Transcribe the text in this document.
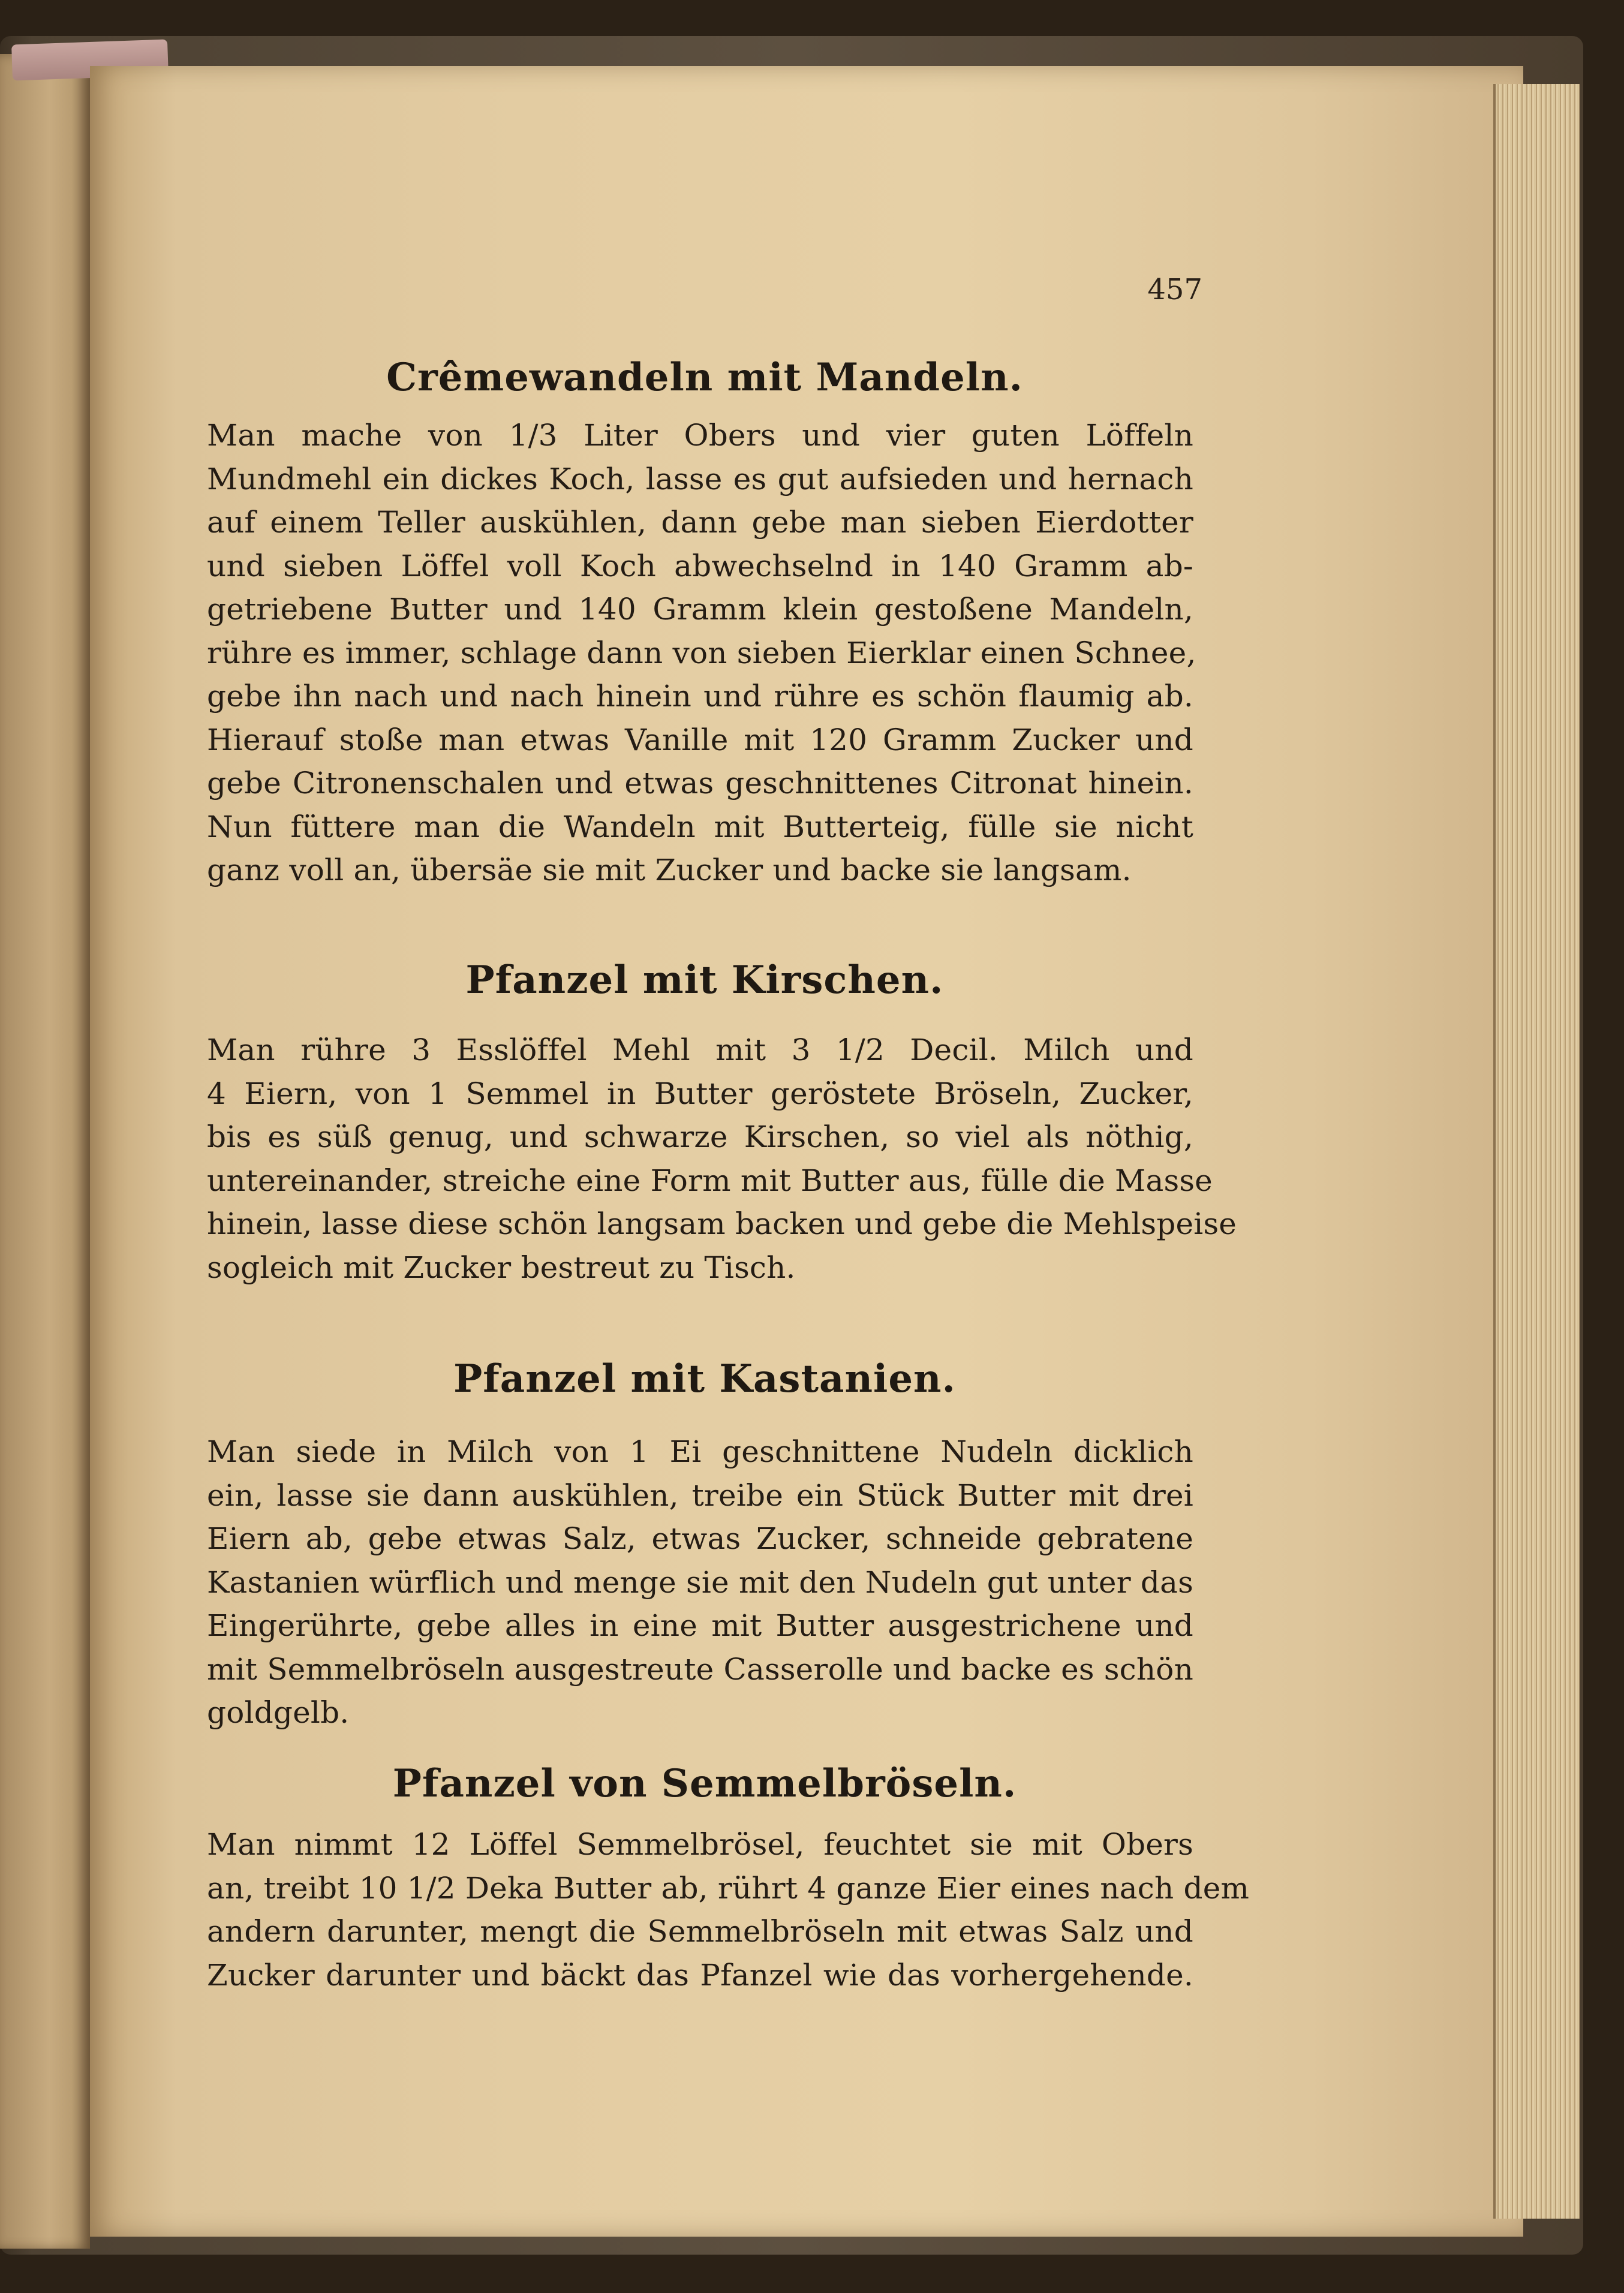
457
Crêmewandeln mit Mandeln.
Man mache von 1/3 Liter Obers und vier guten Löffeln
Mundmehl ein dickes Koch, lasse es gut aufsieden und hernach
auf einem Teller auskühlen, dann gebe man sieben Eierdotter
und sieben Löffel voll Koch abwechselnd in 140 Gramm ab-
getriebene Butter und 140 Gramm klein gestoßene Mandeln,
rühre es immer, schlage dann von sieben Eierklar einen Schnee,
gebe ihn nach und nach hinein und rühre es schön flaumig ab.
Hierauf stoße man etwas Vanille mit 120 Gramm Zucker und
gebe Citronenschalen und etwas geschnittenes Citronat hinein.
Nun füttere man die Wandeln mit Butterteig, fülle sie nicht
ganz voll an, übersäe sie mit Zucker und backe sie langsam.
Pfanzel mit Kirschen.
Man rühre 3 Esslöffel Mehl mit 3 1/2 Decil. Milch und
4 Eiern, von 1 Semmel in Butter geröstete Bröseln, Zucker,
bis es süß genug, und schwarze Kirschen, so viel als nöthig,
untereinander, streiche eine Form mit Butter aus, fülle die Masse
hinein, lasse diese schön langsam backen und gebe die Mehlspeise
sogleich mit Zucker bestreut zu Tisch.
Pfanzel mit Kastanien.
Man siede in Milch von 1 Ei geschnittene Nudeln dicklich
ein, lasse sie dann auskühlen, treibe ein Stück Butter mit drei
Eiern ab, gebe etwas Salz, etwas Zucker, schneide gebratene
Kastanien würflich und menge sie mit den Nudeln gut unter das
Eingerührte, gebe alles in eine mit Butter ausgestrichene und
mit Semmelbröseln ausgestreute Casserolle und backe es schön
goldgelb.
Pfanzel von Semmelbröseln.
Man nimmt 12 Löffel Semmelbrösel, feuchtet sie mit Obers
an, treibt 10 1/2 Deka Butter ab, rührt 4 ganze Eier eines nach dem
andern darunter, mengt die Semmelbröseln mit etwas Salz und
Zucker darunter und bäckt das Pfanzel wie das vorhergehende.
